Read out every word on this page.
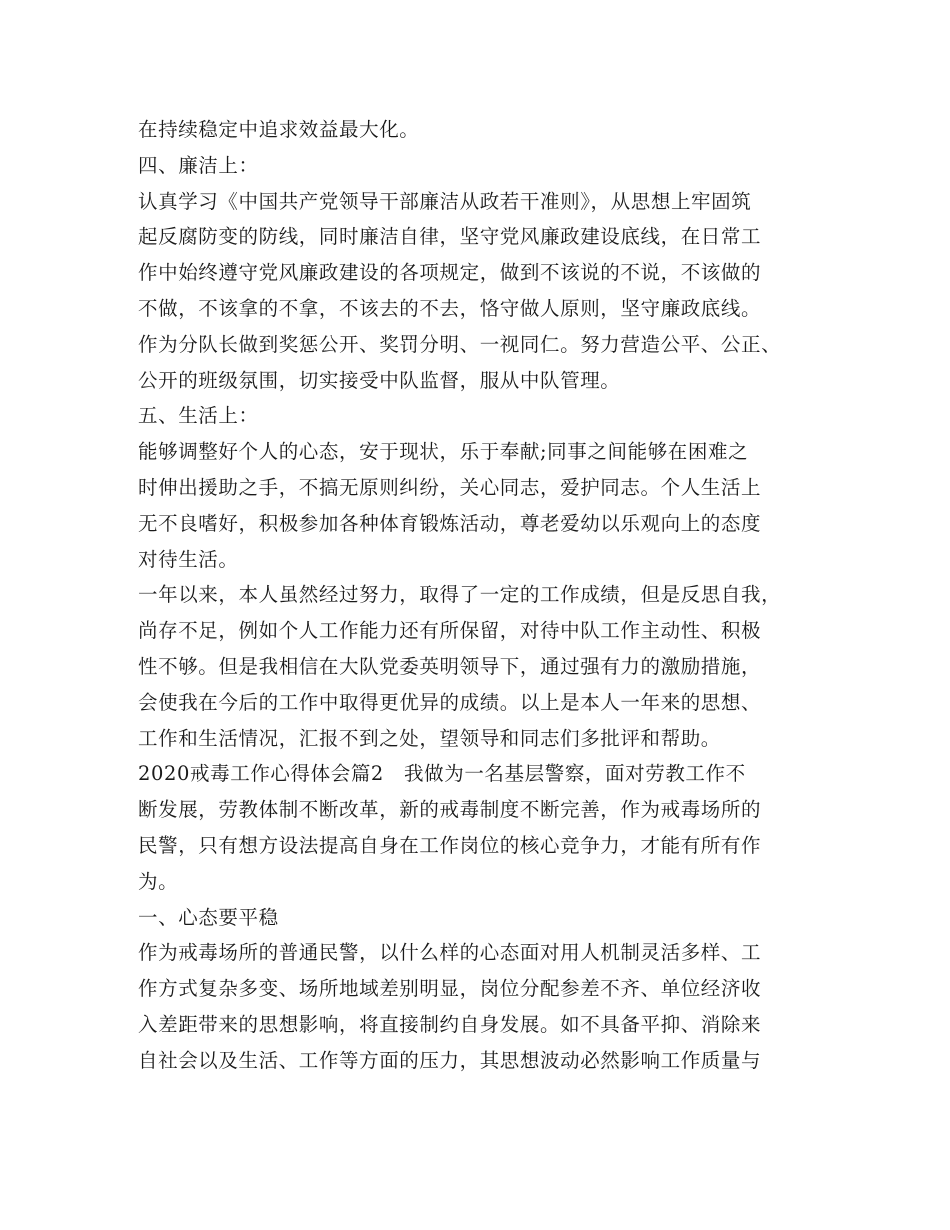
在持续稳定中追求效益最大化。
四、廉洁上：
认真学习《中国共产党领导干部廉洁从政若干准则》，从思想上牢固筑
起反腐防变的防线，同时廉洁自律，坚守党风廉政建设底线，在日常工
作中始终遵守党风廉政建设的各项规定，做到不该说的不说，不该做的
不做，不该拿的不拿，不该去的不去，恪守做人原则，坚守廉政底线。
作为分队长做到奖惩公开、奖罚分明、一视同仁。努力营造公平、公正、
公开的班级氛围，切实接受中队监督，服从中队管理。
五、生活上：
能够调整好个人的心态，安于现状，乐于奉献;同事之间能够在困难之
时伸出援助之手，不搞无原则纠纷，关心同志，爱护同志。个人生活上
无不良嗜好，积极参加各种体育锻炼活动，尊老爱幼以乐观向上的态度
对待生活。
一年以来，本人虽然经过努力，取得了一定的工作成绩，但是反思自我，
尚存不足，例如个人工作能力还有所保留，对待中队工作主动性、积极
性不够。但是我相信在大队党委英明领导下，通过强有力的激励措施，
会使我在今后的工作中取得更优异的成绩。以上是本人一年来的思想、
工作和生活情况，汇报不到之处，望领导和同志们多批评和帮助。
2020戒毒工作心得体会篇2　我做为一名基层警察，面对劳教工作不
断发展，劳教体制不断改革，新的戒毒制度不断完善，作为戒毒场所的
民警，只有想方设法提高自身在工作岗位的核心竞争力，才能有所有作
为。
一、心态要平稳
作为戒毒场所的普通民警，以什么样的心态面对用人机制灵活多样、工
作方式复杂多变、场所地域差别明显，岗位分配参差不齐、单位经济收
入差距带来的思想影响，将直接制约自身发展。如不具备平抑、消除来
自社会以及生活、工作等方面的压力，其思想波动必然影响工作质量与
